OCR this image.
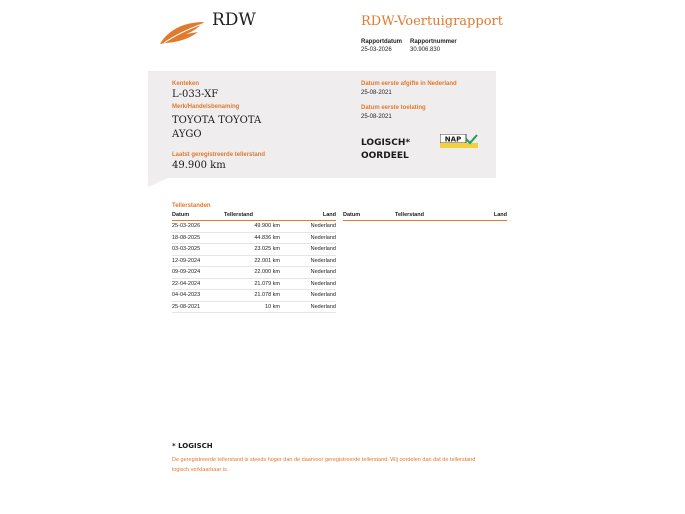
RDW	RDW-Voertuigrapport
Rapportdatum
25-03-2026
Rapportnummer
30.906.830
Kenteken
L-033-XF
Merk/Handelsbenaming
TOYOTA TOYOTA
AYGO
Laatst geregistreerde tellerstand
49.900 km
Datum eerste afgifte in Nederland
25-08-2021
Datum eerste toelating
25-08-2021
LOGISCH*
OORDEEL
NAP
Tellerstanden
Datum	Tellerstand	Land
25-03-2026	49.900 km	Nederland
18-08-2025	44.836 km	Nederland
03-03-2025	23.025 km	Nederland
12-09-2024	22.001 km	Nederland
09-09-2024	22.000 km	Nederland
22-04-2024	21.079 km	Nederland
04-04-2023	21.078 km	Nederland
25-08-2021	10 km	Nederland
Datum	Tellerstand	Land
* LOGISCH
De geregistreerde tellerstand is steeds hoger dan de daarvoor geregistreerde tellerstand. Wij oordelen dan dat de tellerstand logisch verklaarbaar is.
